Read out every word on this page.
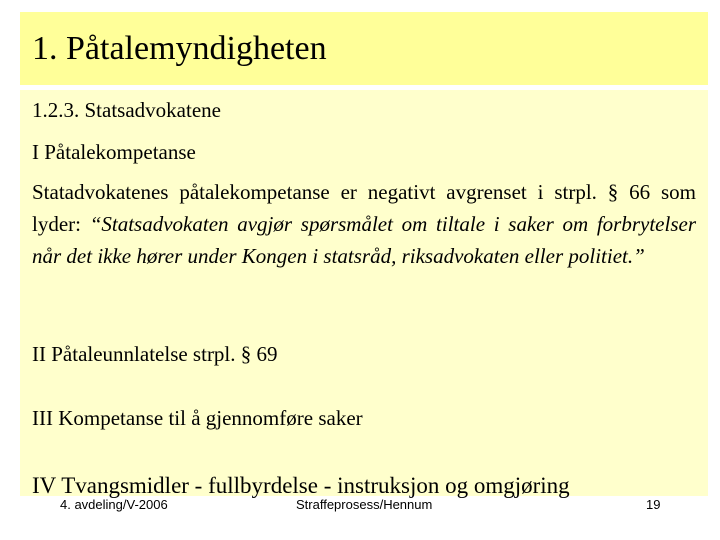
1. Påtalemyndigheten
1.2.3. Statsadvokatene
I Påtalekompetanse
Statadvokatenes påtalekompetanse er negativt avgrenset i strpl. § 66 som lyder: “Statsadvokaten avgjør spørsmålet om tiltale i saker om forbrytelser når det ikke hører under Kongen i statsråd, riksadvokaten eller politiet.”
II Påtaleunnlatelse strpl. § 69
III Kompetanse til å gjennomføre saker
IV Tvangsmidler - fullbyrdelse - instruksjon og omgjøring
4. avdeling/V-2006	Straffeprosess/Hennum	19
